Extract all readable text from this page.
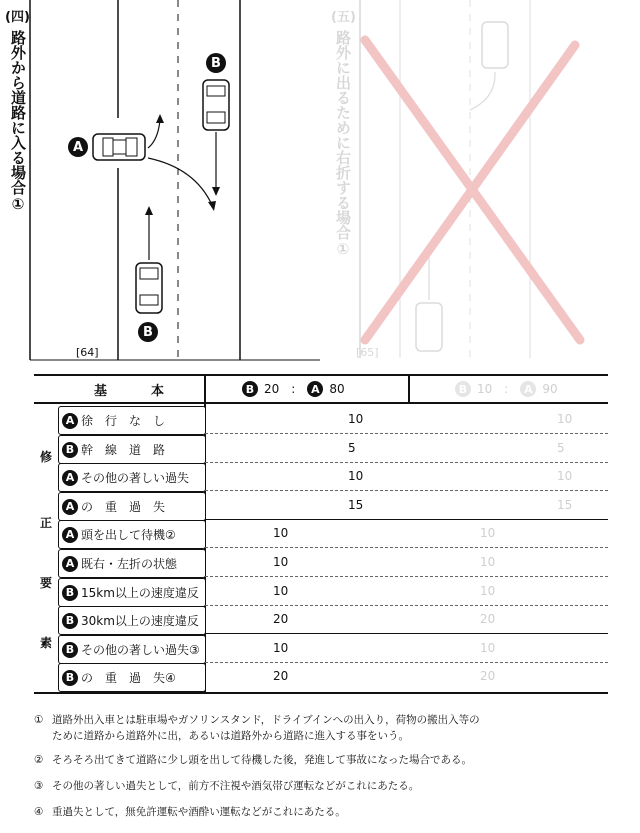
(四)
路外から道路に入る場合①
[64]
A
B
B
(五)
路外に出るために右折する場合①
[65]
基　　本	B 20 :	A 80	B 10 :	A 90
修
正
要
素
A 徐　行　な　し	10	10
B 幹　線　道　路	5	5
A その他の著しい過失	10	10
A の　重　過　失	15	15
A 頭を出して待機②	10	10
A 既右・左折の状態	10	10
B 15km以上の速度違反	10	10
B 30km以上の速度違反	20	20
B その他の著しい過失③	10	10
B の　重　過　失④	20	20
① 道路外出入車とは駐車場やガソリンスタンド，ドライブインへの出入り，荷物の搬出入等の
ために道路から道路外に出，あるいは道路外から道路に進入する事をいう。
② そろそろ出てきて道路に少し頭を出して待機した後，発進して事故になった場合である。
③ その他の著しい過失として，前方不注視や酒気帯び運転などがこれにあたる。
④ 重過失として，無免許運転や酒酔い運転などがこれにあたる。
